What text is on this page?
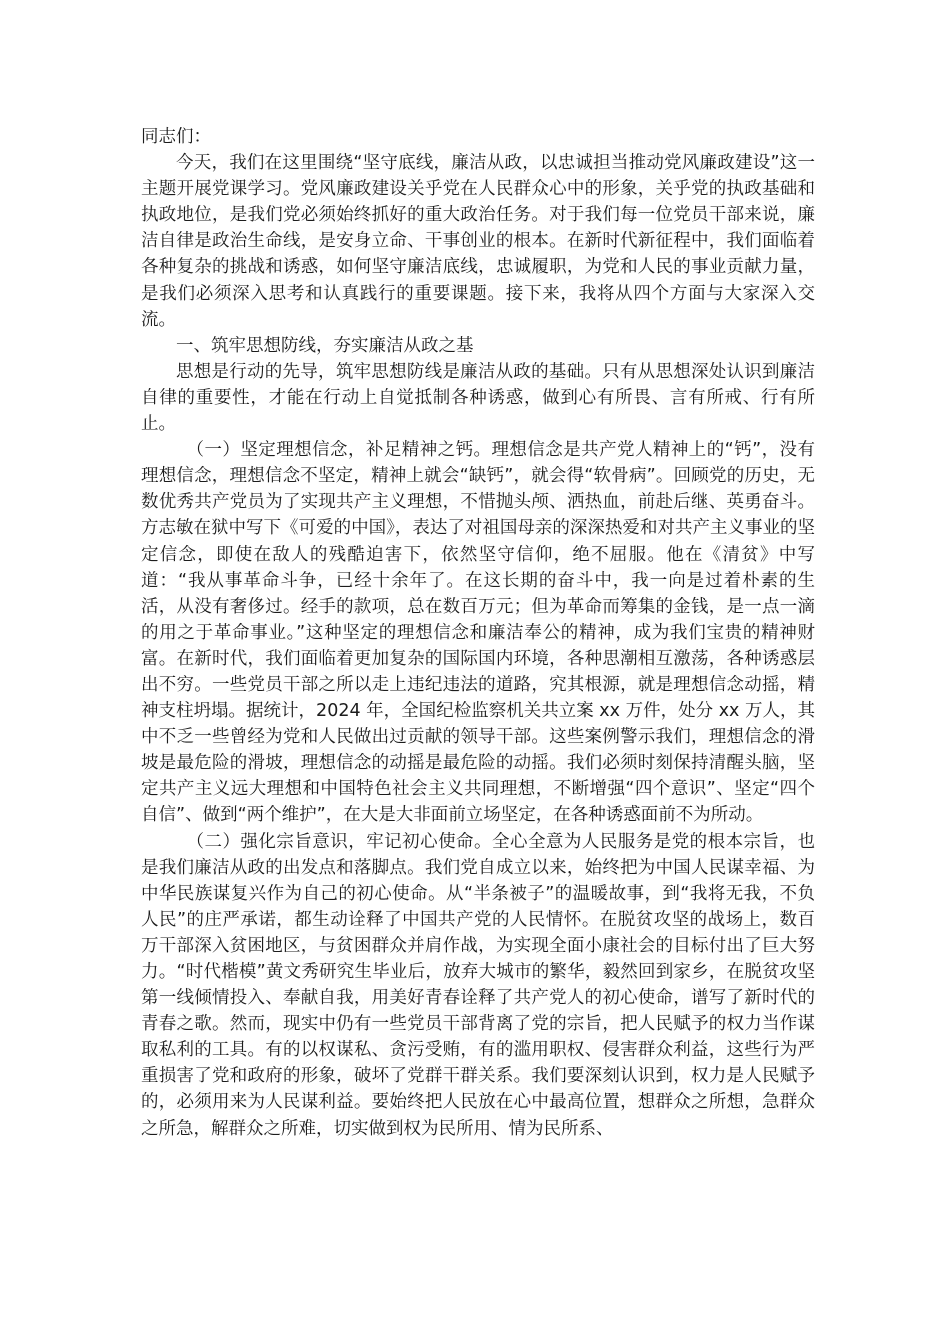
同志们：

今天，我们在这里围绕“坚守底线，廉洁从政，以忠诚担当推动党风廉政建设”这一主题开展党课学习。党风廉政建设关乎党在人民群众心中的形象，关乎党的执政基础和执政地位，是我们党必须始终抓好的重大政治任务。对于我们每一位党员干部来说，廉洁自律是政治生命线，是安身立命、干事创业的根本。在新时代新征程中，我们面临着各种复杂的挑战和诱惑，如何坚守廉洁底线，忠诚履职，为党和人民的事业贡献力量，是我们必须深入思考和认真践行的重要课题。接下来，我将从四个方面与大家深入交流。

一、筑牢思想防线，夯实廉洁从政之基

思想是行动的先导，筑牢思想防线是廉洁从政的基础。只有从思想深处认识到廉洁自律的重要性，才能在行动上自觉抵制各种诱惑，做到心有所畏、言有所戒、行有所止。

（一）坚定理想信念，补足精神之钙。理想信念是共产党人精神上的“钙”，没有理想信念，理想信念不坚定，精神上就会“缺钙”，就会得“软骨病”。回顾党的历史，无数优秀共产党员为了实现共产主义理想，不惜抛头颅、洒热血，前赴后继、英勇奋斗。方志敏在狱中写下《可爱的中国》，表达了对祖国母亲的深深热爱和对共产主义事业的坚定信念，即使在敌人的残酷迫害下，依然坚守信仰，绝不屈服。他在《清贫》中写道：“我从事革命斗争，已经十余年了。在这长期的奋斗中，我一向是过着朴素的生活，从没有奢侈过。经手的款项，总在数百万元；但为革命而筹集的金钱，是一点一滴的用之于革命事业。”这种坚定的理想信念和廉洁奉公的精神，成为我们宝贵的精神财富。在新时代，我们面临着更加复杂的国际国内环境，各种思潮相互激荡，各种诱惑层出不穷。一些党员干部之所以走上违纪违法的道路，究其根源，就是理想信念动摇，精神支柱坍塌。据统计，2024 年，全国纪检监察机关共立案 xx 万件，处分 xx 万人，其中不乏一些曾经为党和人民做出过贡献的领导干部。这些案例警示我们，理想信念的滑坡是最危险的滑坡，理想信念的动摇是最危险的动摇。我们必须时刻保持清醒头脑，坚定共产主义远大理想和中国特色社会主义共同理想，不断增强“四个意识”、坚定“四个自信”、做到“两个维护”，在大是大非面前立场坚定，在各种诱惑面前不为所动。

（二）强化宗旨意识，牢记初心使命。全心全意为人民服务是党的根本宗旨，也是我们廉洁从政的出发点和落脚点。我们党自成立以来，始终把为中国人民谋幸福、为中华民族谋复兴作为自己的初心使命。从“半条被子”的温暖故事，到“我将无我，不负人民”的庄严承诺，都生动诠释了中国共产党的人民情怀。在脱贫攻坚的战场上，数百万干部深入贫困地区，与贫困群众并肩作战，为实现全面小康社会的目标付出了巨大努力。“时代楷模”黄文秀研究生毕业后，放弃大城市的繁华，毅然回到家乡，在脱贫攻坚第一线倾情投入、奉献自我，用美好青春诠释了共产党人的初心使命，谱写了新时代的青春之歌。然而，现实中仍有一些党员干部背离了党的宗旨，把人民赋予的权力当作谋取私利的工具。有的以权谋私、贪污受贿，有的滥用职权、侵害群众利益，这些行为严重损害了党和政府的形象，破坏了党群干群关系。我们要深刻认识到，权力是人民赋予的，必须用来为人民谋利益。要始终把人民放在心中最高位置，想群众之所想，急群众之所急，解群众之所难，切实做到权为民所用、情为民所系、
